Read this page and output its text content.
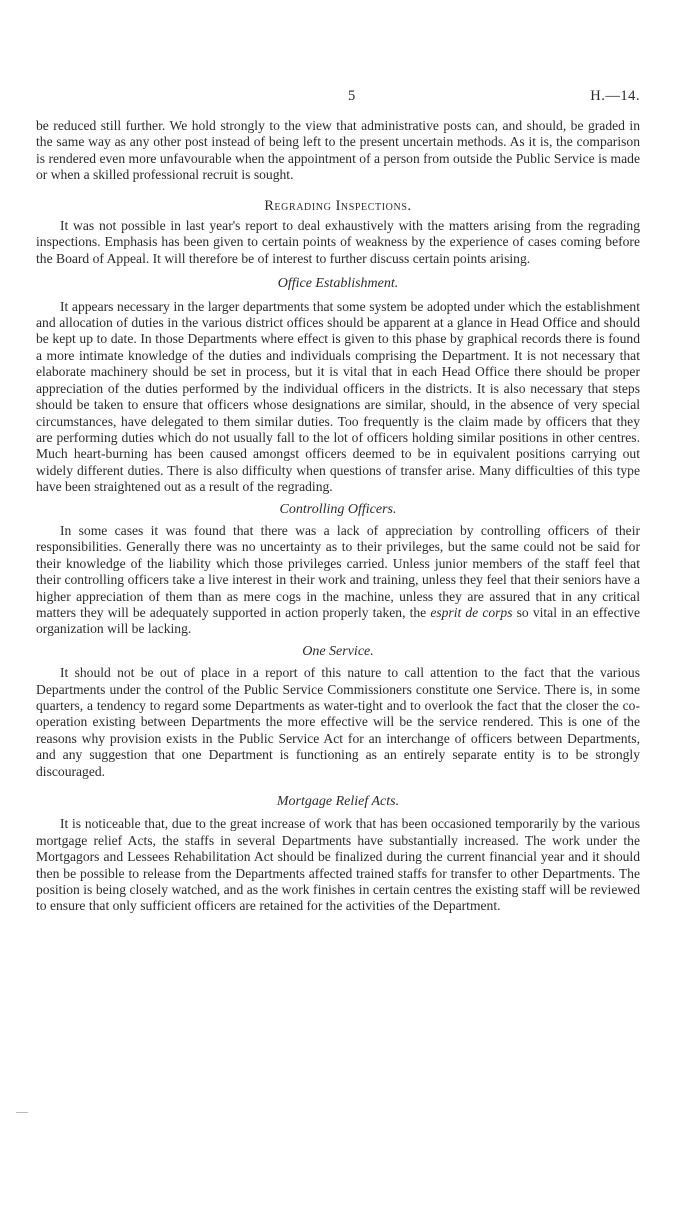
5	H.—14.

be reduced still further. We hold strongly to the view that administrative posts can, and should, be graded in the same way as any other post instead of being left to the present uncertain methods. As it is, the comparison is rendered even more unfavourable when the appointment of a person from outside the Public Service is made or when a skilled professional recruit is sought.

Regrading Inspections.

It was not possible in last year's report to deal exhaustively with the matters arising from the regrading inspections. Emphasis has been given to certain points of weakness by the experience of cases coming before the Board of Appeal. It will therefore be of interest to further discuss certain points arising.

Office Establishment.

It appears necessary in the larger departments that some system be adopted under which the establishment and allocation of duties in the various district offices should be apparent at a glance in Head Office and should be kept up to date. In those Departments where effect is given to this phase by graphical records there is found a more intimate knowledge of the duties and individuals comprising the Department. It is not necessary that elaborate machinery should be set in process, but it is vital that in each Head Office there should be proper appreciation of the duties performed by the individual officers in the districts. It is also necessary that steps should be taken to ensure that officers whose designations are similar, should, in the absence of very special circumstances, have delegated to them similar duties. Too frequently is the claim made by officers that they are performing duties which do not usually fall to the lot of officers holding similar positions in other centres. Much heart-burning has been caused amongst officers deemed to be in equivalent positions carrying out widely different duties. There is also difficulty when questions of transfer arise. Many difficulties of this type have been straightened out as a result of the regrading.

Controlling Officers.

In some cases it was found that there was a lack of appreciation by controlling officers of their responsibilities. Generally there was no uncertainty as to their privileges, but the same could not be said for their knowledge of the liability which those privileges carried. Unless junior members of the staff feel that their controlling officers take a live interest in their work and training, unless they feel that their seniors have a higher appreciation of them than as mere cogs in the machine, unless they are assured that in any critical matters they will be adequately supported in action properly taken, the esprit de corps so vital in an effective organization will be lacking.

One Service.

It should not be out of place in a report of this nature to call attention to the fact that the various Departments under the control of the Public Service Commissioners constitute one Service. There is, in some quarters, a tendency to regard some Departments as water-tight and to overlook the fact that the closer the co-operation existing between Departments the more effective will be the service rendered. This is one of the reasons why provision exists in the Public Service Act for an interchange of officers between Departments, and any suggestion that one Department is functioning as an entirely separate entity is to be strongly discouraged.

Mortgage Relief Acts.

It is noticeable that, due to the great increase of work that has been occasioned temporarily by the various mortgage relief Acts, the staffs in several Departments have substantially increased. The work under the Mortgagors and Lessees Rehabilitation Act should be finalized during the current financial year and it should then be possible to release from the Departments affected trained staffs for transfer to other Departments. The position is being closely watched, and as the work finishes in certain centres the existing staff will be reviewed to ensure that only sufficient officers are retained for the activities of the Department.
